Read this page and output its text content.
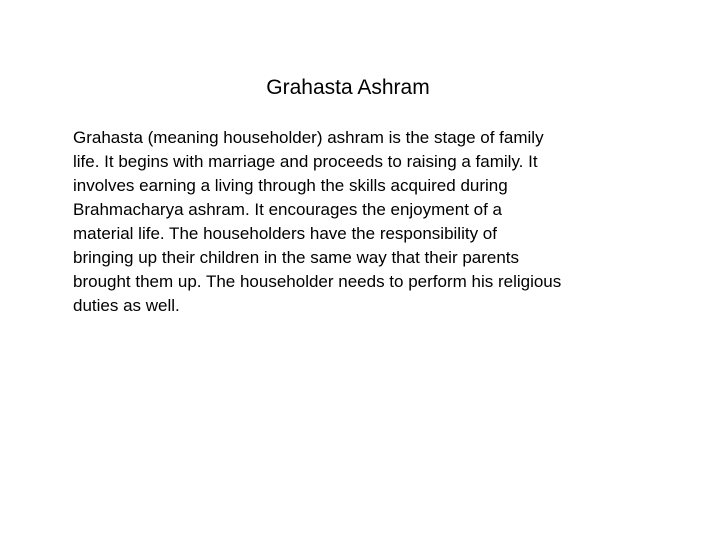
Grahasta Ashram

Grahasta (meaning householder) ashram is the stage of family
life. It begins with marriage and proceeds to raising a family. It
involves earning a living through the skills acquired during
Brahmacharya ashram. It encourages the enjoyment of a
material life. The householders have the responsibility of
bringing up their children in the same way that their parents
brought them up. The householder needs to perform his religious
duties as well.
